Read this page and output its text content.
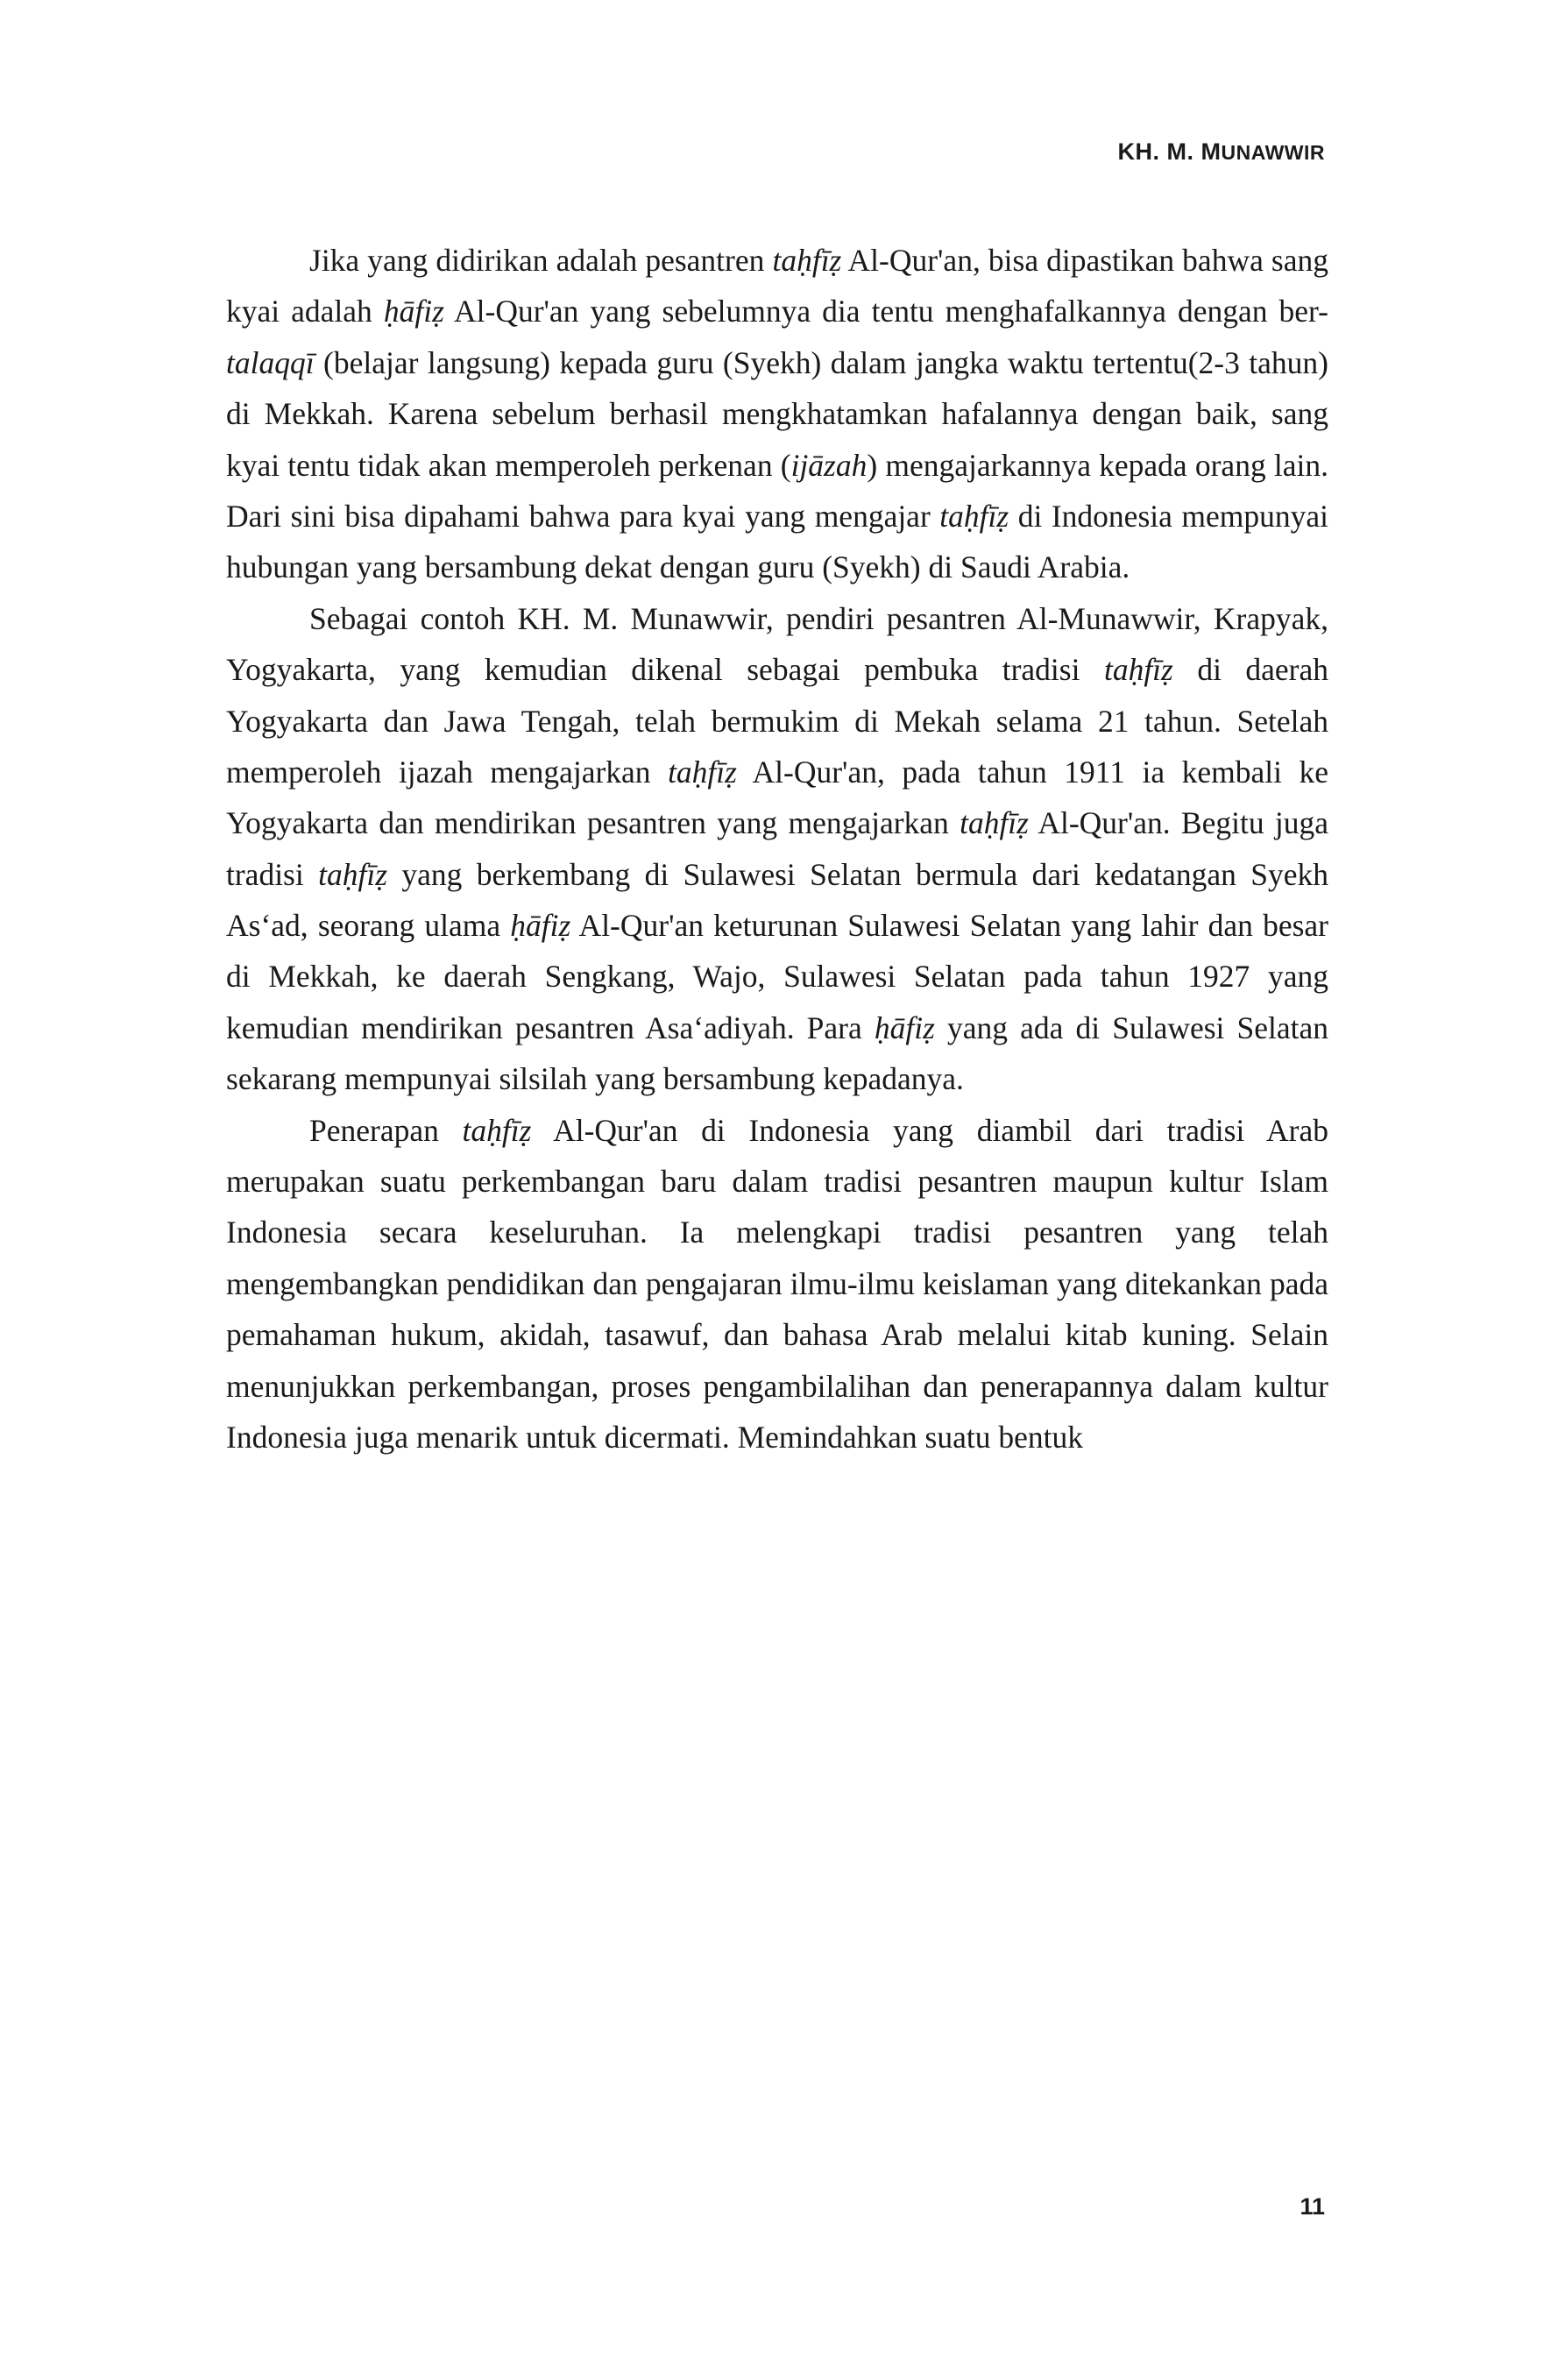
KH. M. MUNAWWIR

Jika yang didirikan adalah pesantren taḥfīẓ Al-Qur'an, bisa dipastikan bahwa sang kyai adalah ḥāfiẓ Al-Qur'an yang sebelumnya dia tentu menghafalkannya dengan ber-talaqqī (belajar langsung) kepada guru (Syekh) dalam jangka waktu tertentu(2-3 tahun) di Mekkah. Karena sebelum berhasil mengkhatamkan hafalannya dengan baik, sang kyai tentu tidak akan memperoleh perkenan (ijāzah) mengajarkannya kepada orang lain. Dari sini bisa dipahami bahwa para kyai yang mengajar taḥfīẓ di Indonesia mempunyai hubungan yang bersambung dekat dengan guru (Syekh) di Saudi Arabia.

Sebagai contoh KH. M. Munawwir, pendiri pesantren Al-Munawwir, Krapyak, Yogyakarta, yang kemudian dikenal sebagai pembuka tradisi taḥfīẓ di daerah Yogyakarta dan Jawa Tengah, telah bermukim di Mekah selama 21 tahun. Setelah memperoleh ijazah mengajarkan taḥfīẓ Al-Qur'an, pada tahun 1911 ia kembali ke Yogyakarta dan mendirikan pesantren yang mengajarkan taḥfīẓ Al-Qur'an. Begitu juga tradisi taḥfīẓ yang berkembang di Sulawesi Selatan bermula dari kedatangan Syekh As‘ad, seorang ulama ḥāfiẓ Al-Qur'an keturunan Sulawesi Selatan yang lahir dan besar di Mekkah, ke daerah Sengkang, Wajo, Sulawesi Selatan pada tahun 1927 yang kemudian mendirikan pesantren Asa‘adiyah. Para ḥāfiẓ yang ada di Sulawesi Selatan sekarang mempunyai silsilah yang bersambung kepadanya.

Penerapan taḥfīẓ Al-Qur'an di Indonesia yang diambil dari tradisi Arab merupakan suatu perkembangan baru dalam tradisi pesantren maupun kultur Islam Indonesia secara keseluruhan. Ia melengkapi tradisi pesantren yang telah mengembangkan pendidikan dan pengajaran ilmu-ilmu keislaman yang ditekankan pada pemahaman hukum, akidah, tasawuf, dan bahasa Arab melalui kitab kuning. Selain menunjukkan perkembangan, proses pengambilalihan dan penerapannya dalam kultur Indonesia juga menarik untuk dicermati. Memindahkan suatu bentuk

11
